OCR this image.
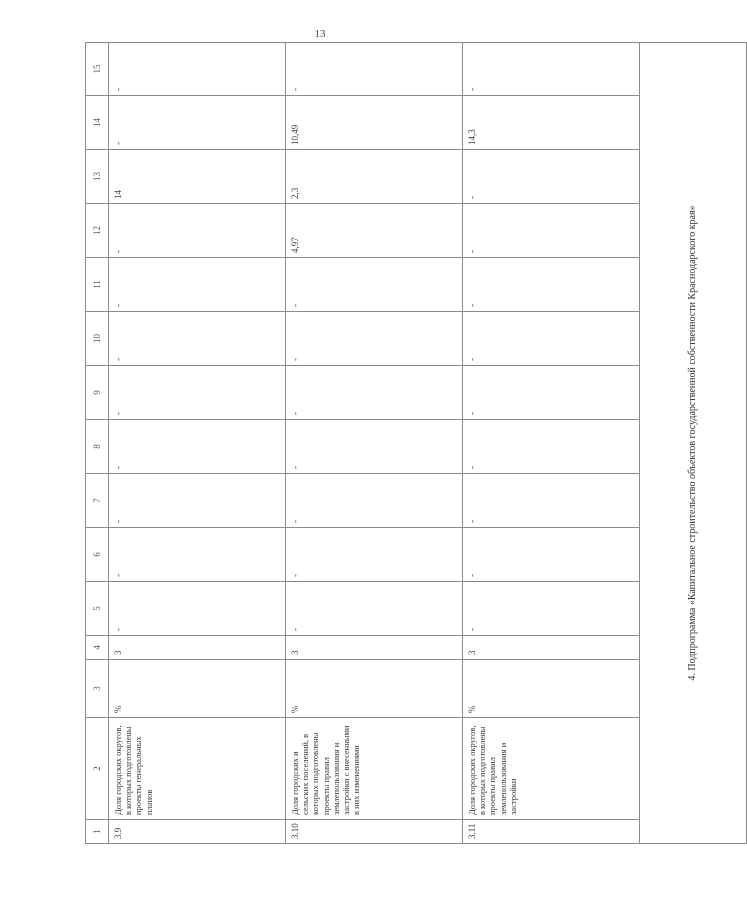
13
1	2	3	4	5	6	7	8	9	10	11	12	13	14	15
3.9	Доля городских округов, в которых подготовлены проекты генеральных планов	%	3	-	-	-	-	-	-	-	-	14	-	-
3.10	Доля городских и сельских поселений, в которых подготовлены проекты правил землепользования и застройки с внесенными в них изменениями	%	3	-	-	-	-	-	-	-	4,97	2,3	10,49	-
3.11	Доля городских округов, в которых подготовлены проекты правил землепользования и застройки	%	3	-	-	-	-	-	-	-	-	-	14,3	-
4. Подпрограмма «Капитальное строительство объектов государственной собственности Краснодарского края»														
